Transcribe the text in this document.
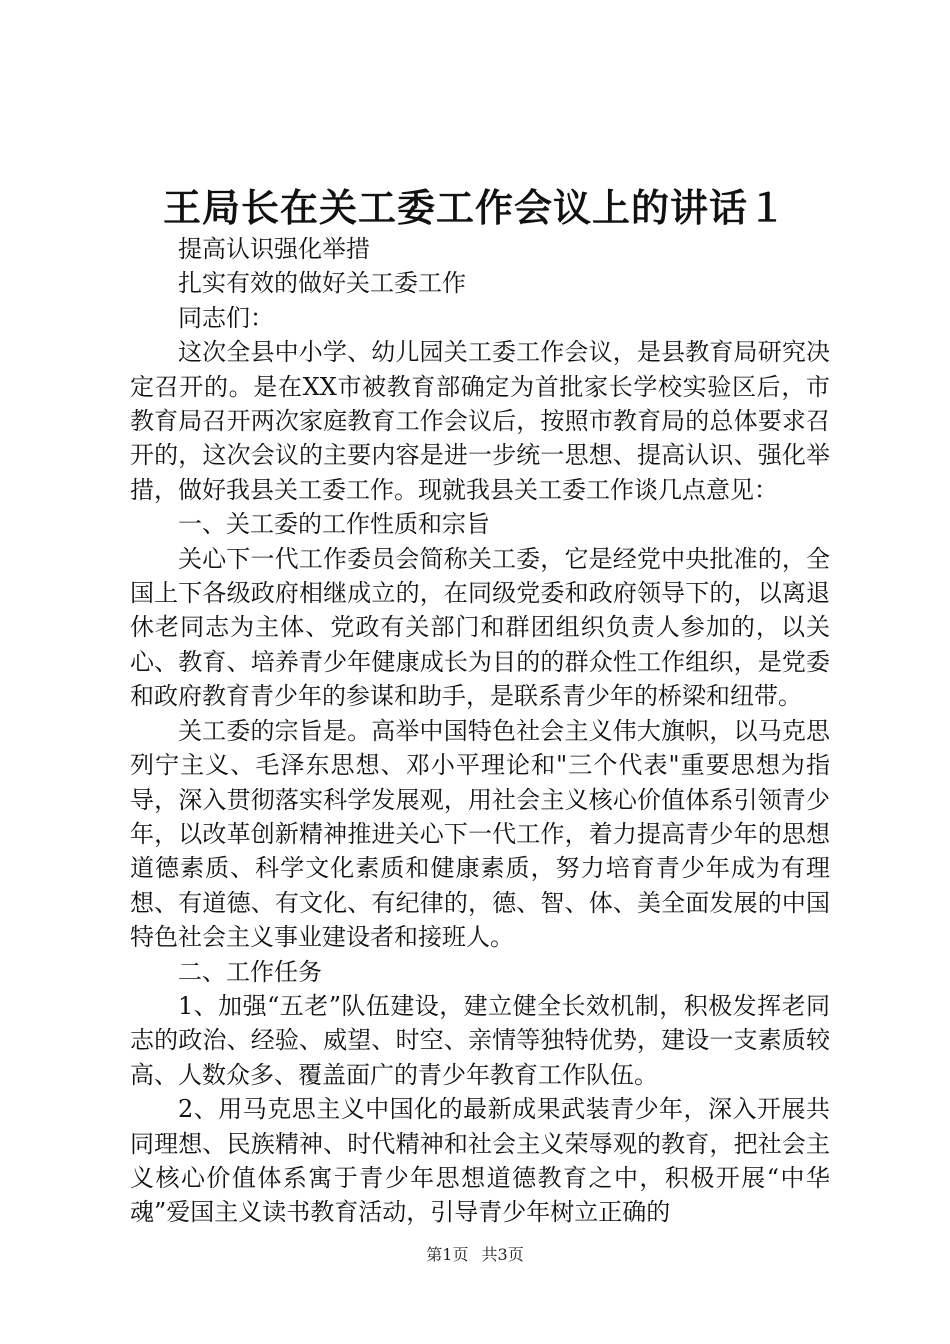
王局长在关工委工作会议上的讲话１

提高认识强化举措

扎实有效的做好关工委工作

同志们：

这次全县中小学、幼儿园关工委工作会议，是县教育局研究决定召开的。是在XX市被教育部确定为首批家长学校实验区后，市教育局召开两次家庭教育工作会议后，按照市教育局的总体要求召开的，这次会议的主要内容是进一步统一思想、提高认识、强化举措，做好我县关工委工作。现就我县关工委工作谈几点意见：

一、关工委的工作性质和宗旨

关心下一代工作委员会简称关工委，它是经党中央批准的，全国上下各级政府相继成立的，在同级党委和政府领导下的，以离退休老同志为主体、党政有关部门和群团组织负责人参加的，以关心、教育、培养青少年健康成长为目的的群众性工作组织，是党委和政府教育青少年的参谋和助手，是联系青少年的桥梁和纽带。

关工委的宗旨是。高举中国特色社会主义伟大旗帜，以马克思列宁主义、毛泽东思想、邓小平理论和"三个代表"重要思想为指导，深入贯彻落实科学发展观，用社会主义核心价值体系引领青少年，以改革创新精神推进关心下一代工作，着力提高青少年的思想道德素质、科学文化素质和健康素质，努力培育青少年成为有理想、有道德、有文化、有纪律的，德、智、体、美全面发展的中国特色社会主义事业建设者和接班人。

二、工作任务

1、加强“五老”队伍建设，建立健全长效机制，积极发挥老同志的政治、经验、威望、时空、亲情等独特优势，建设一支素质较高、人数众多、覆盖面广的青少年教育工作队伍。

2、用马克思主义中国化的最新成果武装青少年，深入开展共同理想、民族精神、时代精神和社会主义荣辱观的教育，把社会主义核心价值体系寓于青少年思想道德教育之中，积极开展“中华魂”爱国主义读书教育活动，引导青少年树立正确的

第1页 共3页
